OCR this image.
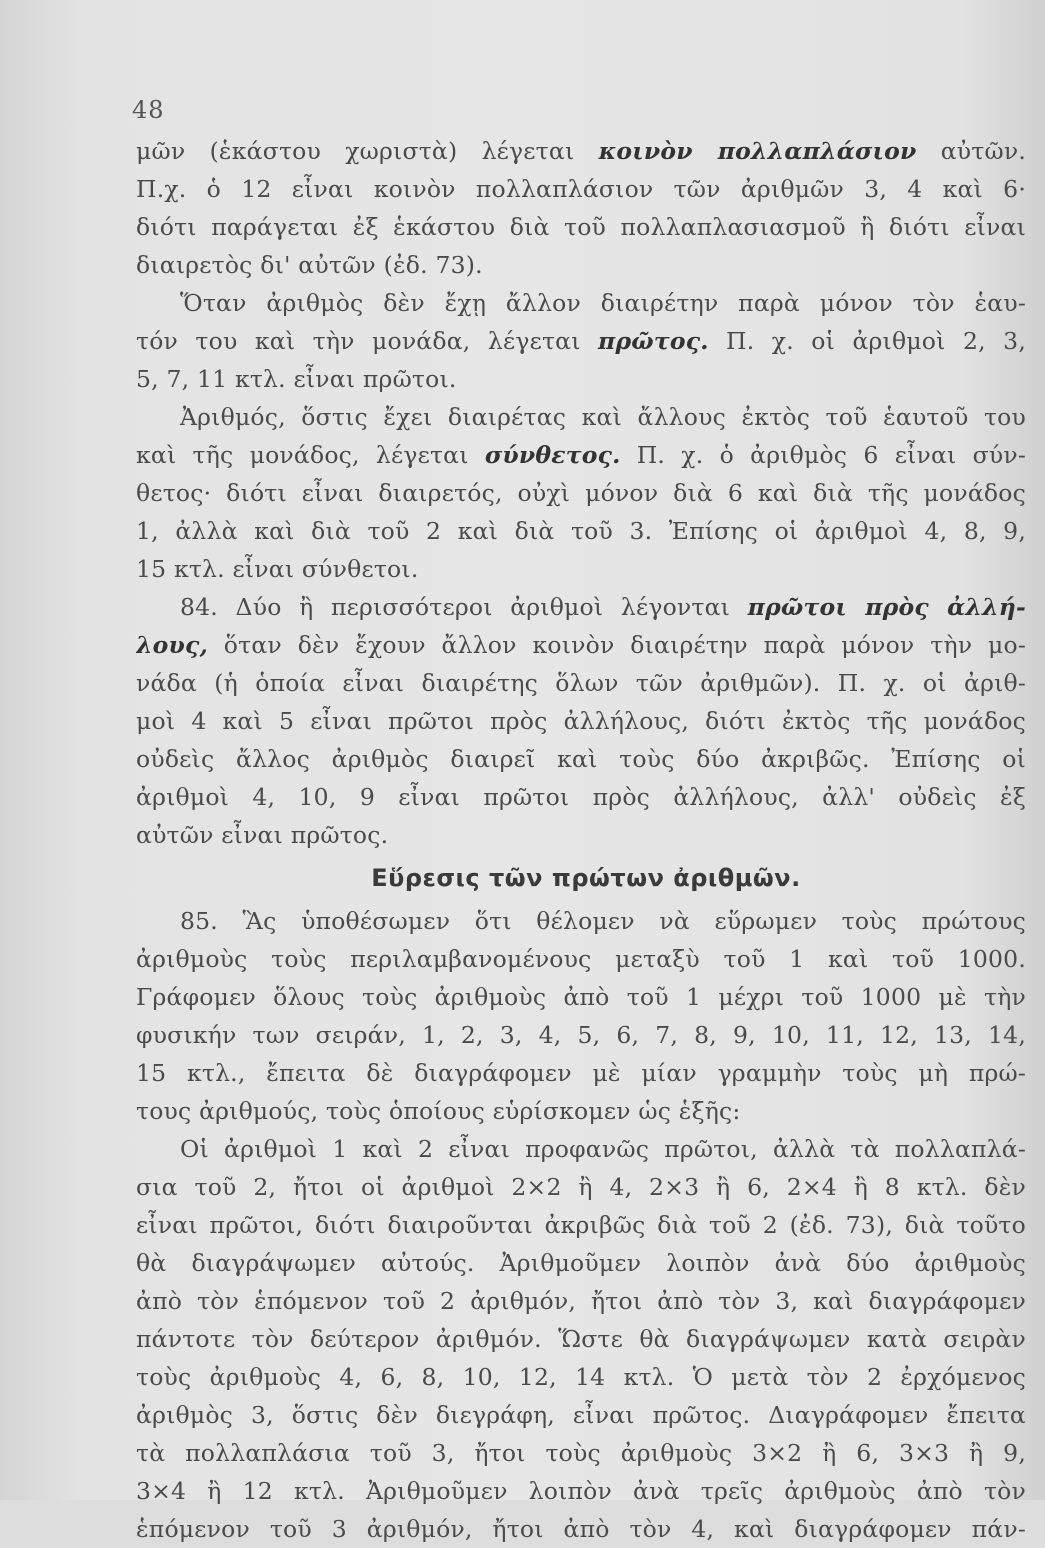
48
μῶν (ἑκάστου χωριστὰ) λέγεται κοινὸν πολλαπλάσιον αὐτῶν.
Π.χ. ὁ 12 εἶναι κοινὸν πολλαπλάσιον τῶν ἀριθμῶν 3, 4 καὶ 6·
διότι παράγεται ἐξ ἑκάστου διὰ τοῦ πολλαπλασιασμοῦ ἢ διότι εἶναι
διαιρετὸς δι' αὐτῶν (ἐδ. 73).
Ὅταν ἀριθμὸς δὲν ἔχῃ ἄλλον διαιρέτην παρὰ μόνον τὸν ἑαυ-
τόν του καὶ τὴν μονάδα, λέγεται πρῶτος. Π. χ. οἱ ἀριθμοὶ 2, 3,
5, 7, 11 κτλ. εἶναι πρῶτοι.
Ἀριθμός, ὅστις ἔχει διαιρέτας καὶ ἄλλους ἐκτὸς τοῦ ἑαυτοῦ του
καὶ τῆς μονάδος, λέγεται σύνθετος. Π. χ. ὁ ἀριθμὸς 6 εἶναι σύν-
θετος· διότι εἶναι διαιρετός, οὐχὶ μόνον διὰ 6 καὶ διὰ τῆς μονάδος
1, ἀλλὰ καὶ διὰ τοῦ 2 καὶ διὰ τοῦ 3. Ἐπίσης οἱ ἀριθμοὶ 4, 8, 9,
15 κτλ. εἶναι σύνθετοι.
84. Δύο ἢ περισσότεροι ἀριθμοὶ λέγονται πρῶτοι πρὸς ἀλλή-
λους, ὅταν δὲν ἔχουν ἄλλον κοινὸν διαιρέτην παρὰ μόνον τὴν μο-
νάδα (ἡ ὁποία εἶναι διαιρέτης ὅλων τῶν ἀριθμῶν). Π. χ. οἱ ἀριθ-
μοὶ 4 καὶ 5 εἶναι πρῶτοι πρὸς ἀλλήλους, διότι ἐκτὸς τῆς μονάδος
οὐδεὶς ἄλλος ἀριθμὸς διαιρεῖ καὶ τοὺς δύο ἀκριβῶς. Ἐπίσης οἱ
ἀριθμοὶ 4, 10, 9 εἶναι πρῶτοι πρὸς ἀλλήλους, ἀλλ' οὐδεὶς ἐξ
αὐτῶν εἶναι πρῶτος.
Εὕρεσις τῶν πρώτων ἀριθμῶν.
85. Ἃς ὑποθέσωμεν ὅτι θέλομεν νὰ εὕρωμεν τοὺς πρώτους
ἀριθμοὺς τοὺς περιλαμβανομένους μεταξὺ τοῦ 1 καὶ τοῦ 1000.
Γράφομεν ὅλους τοὺς ἀριθμοὺς ἀπὸ τοῦ 1 μέχρι τοῦ 1000 μὲ τὴν
φυσικήν των σειράν, 1, 2, 3, 4, 5, 6, 7, 8, 9, 10, 11, 12, 13, 14,
15 κτλ., ἔπειτα δὲ διαγράφομεν μὲ μίαν γραμμὴν τοὺς μὴ πρώ-
τους ἀριθμούς, τοὺς ὁποίους εὑρίσκομεν ὡς ἑξῆς:
Οἱ ἀριθμοὶ 1 καὶ 2 εἶναι προφανῶς πρῶτοι, ἀλλὰ τὰ πολλαπλά-
σια τοῦ 2, ἤτοι οἱ ἀριθμοὶ 2×2 ἢ 4, 2×3 ἢ 6, 2×4 ἢ 8 κτλ. δὲν
εἶναι πρῶτοι, διότι διαιροῦνται ἀκριβῶς διὰ τοῦ 2 (ἐδ. 73), διὰ τοῦτο
θὰ διαγράψωμεν αὐτούς. Ἀριθμοῦμεν λοιπὸν ἀνὰ δύο ἀριθμοὺς
ἀπὸ τὸν ἑπόμενον τοῦ 2 ἀριθμόν, ἤτοι ἀπὸ τὸν 3, καὶ διαγράφομεν
πάντοτε τὸν δεύτερον ἀριθμόν. Ὥστε θὰ διαγράψωμεν κατὰ σειρὰν
τοὺς ἀριθμοὺς 4, 6, 8, 10, 12, 14 κτλ. Ὁ μετὰ τὸν 2 ἐρχόμενος
ἀριθμὸς 3, ὅστις δὲν διεγράφη, εἶναι πρῶτος. Διαγράφομεν ἔπειτα
τὰ πολλαπλάσια τοῦ 3, ἤτοι τοὺς ἀριθμοὺς 3×2 ἢ 6, 3×3 ἢ 9,
3×4 ἢ 12 κτλ. Ἀριθμοῦμεν λοιπὸν ἀνὰ τρεῖς ἀριθμοὺς ἀπὸ τὸν
ἑπόμενον τοῦ 3 ἀριθμόν, ἤτοι ἀπὸ τὸν 4, καὶ διαγράφομεν πάν-
